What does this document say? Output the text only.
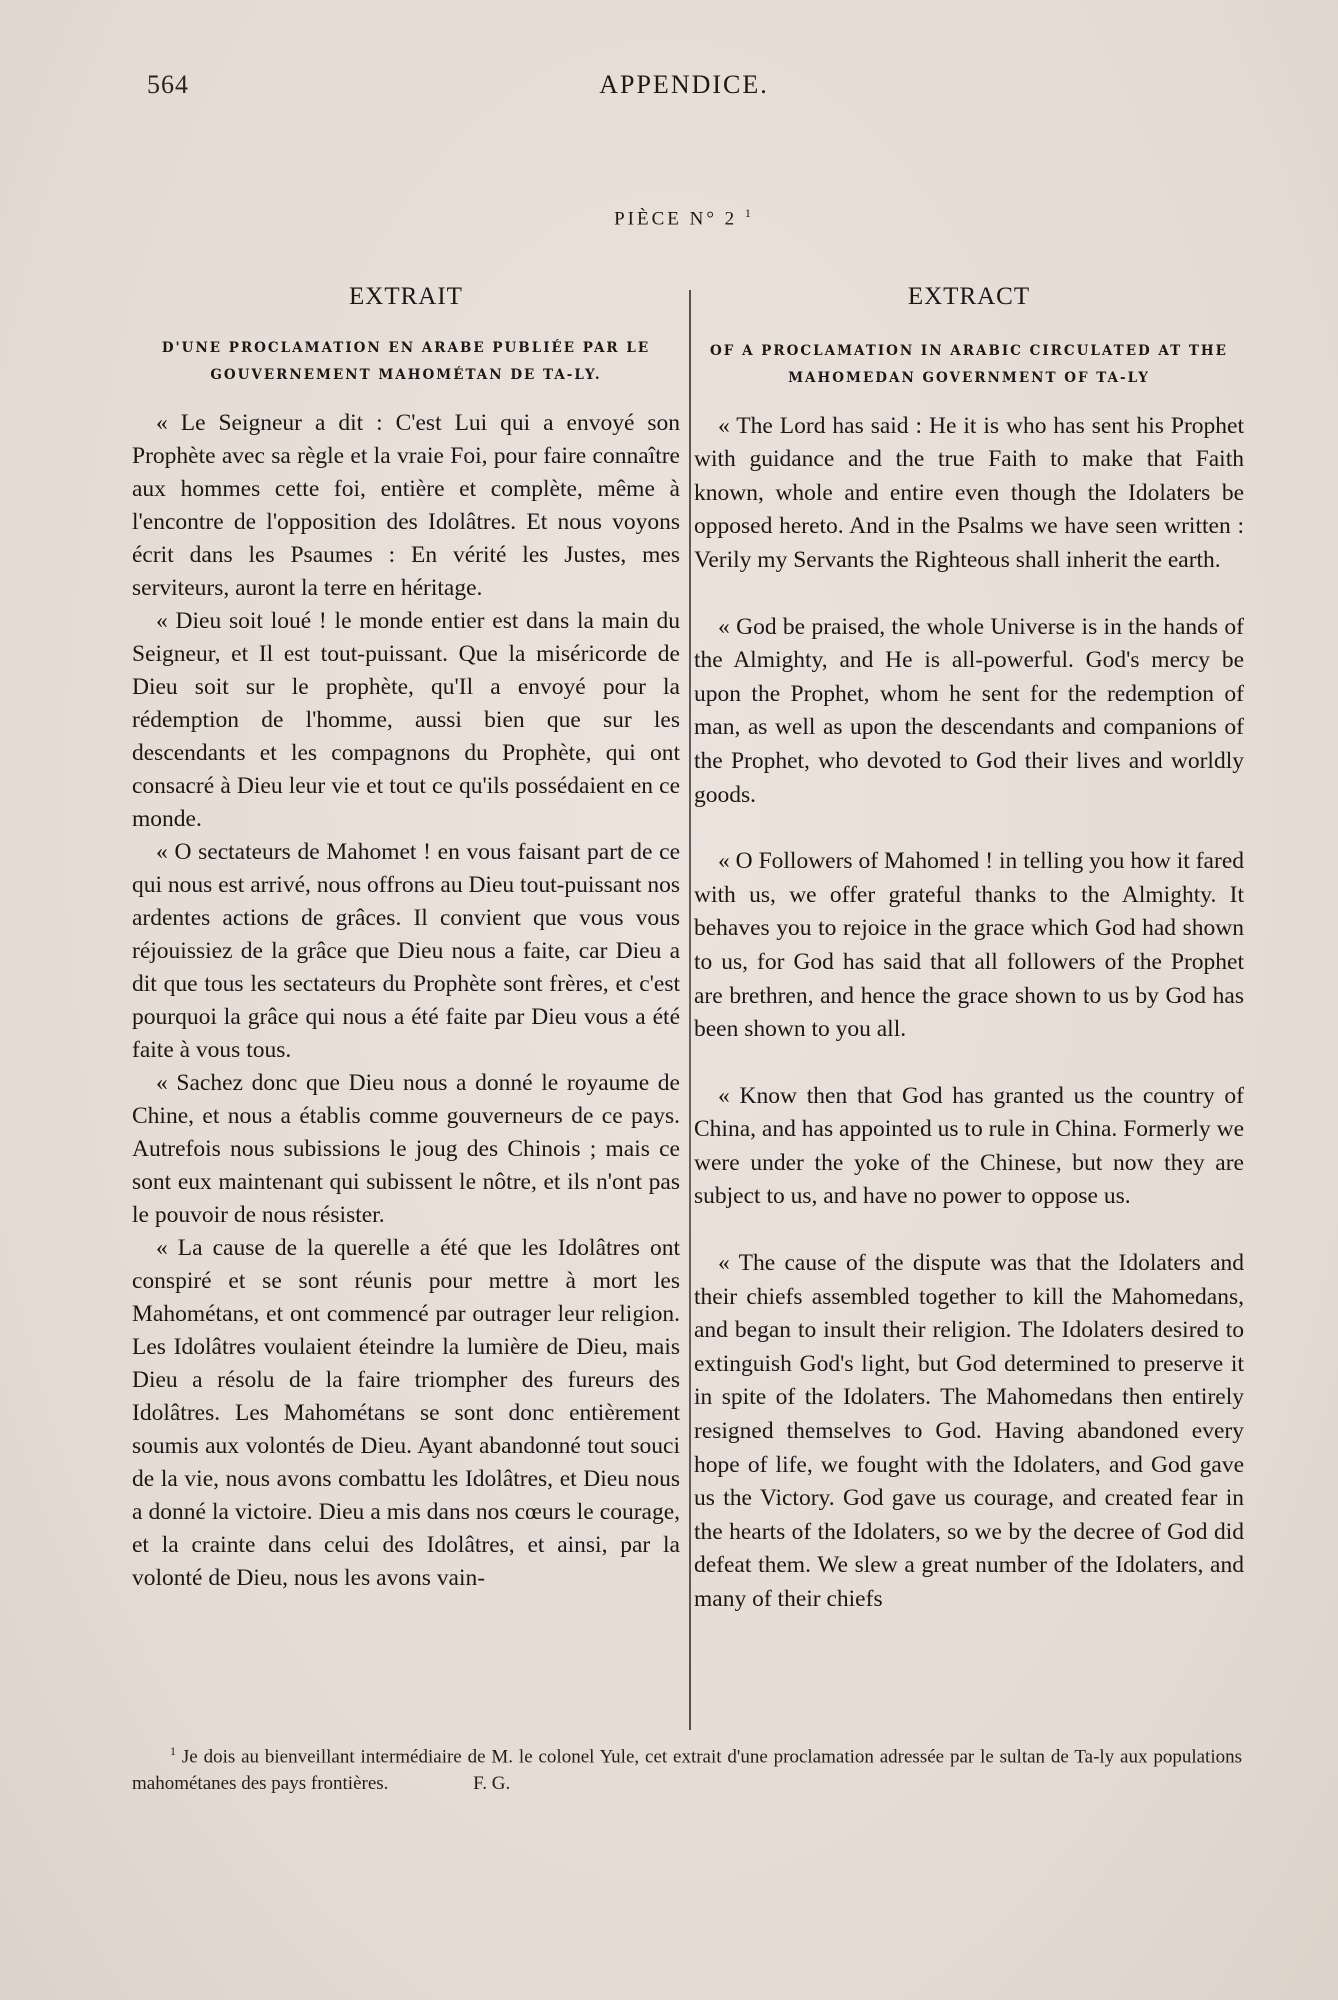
564	APPENDICE.
PIÈCE N° 2 $^1$
EXTRAIT
D'UNE PROCLAMATION EN ARABE PUBLIÉE PAR LE
GOUVERNEMENT MAHOMÉTAN DE TA-LY.

« Le Seigneur a dit : C'est Lui qui a envoyé son Prophète avec sa règle et la vraie Foi, pour faire connaître aux hommes cette foi, entière et complète, même à l'encontre de l'opposition des Idolâtres. Et nous voyons écrit dans les Psaumes : En vérité les Justes, mes serviteurs, auront la terre en héritage.

« Dieu soit loué ! le monde entier est dans la main du Seigneur, et Il est tout-puissant. Que la miséricorde de Dieu soit sur le prophète, qu'Il a envoyé pour la rédemption de l'homme, aussi bien que sur les descendants et les compagnons du Prophète, qui ont consacré à Dieu leur vie et tout ce qu'ils possédaient en ce monde.

« O sectateurs de Mahomet ! en vous faisant part de ce qui nous est arrivé, nous offrons au Dieu tout-puissant nos ardentes actions de grâces. Il convient que vous vous réjouissiez de la grâce que Dieu nous a faite, car Dieu a dit que tous les sectateurs du Prophète sont frères, et c'est pourquoi la grâce qui nous a été faite par Dieu vous a été faite à vous tous.

« Sachez donc que Dieu nous a donné le royaume de Chine, et nous a établis comme gouverneurs de ce pays. Autrefois nous subissions le joug des Chinois ; mais ce sont eux maintenant qui subissent le nôtre, et ils n'ont pas le pouvoir de nous résister.

« La cause de la querelle a été que les Idolâtres ont conspiré et se sont réunis pour mettre à mort les Mahométans, et ont commencé par outrager leur religion. Les Idolâtres voulaient éteindre la lumière de Dieu, mais Dieu a résolu de la faire triompher des fureurs des Idolâtres. Les Mahométans se sont donc entièrement soumis aux volontés de Dieu. Ayant abandonné tout souci de la vie, nous avons combattu les Idolâtres, et Dieu nous a donné la victoire. Dieu a mis dans nos cœurs le courage, et la crainte dans celui des Idolâtres, et ainsi, par la volonté de Dieu, nous les avons vain-

EXTRACT
OF A PROCLAMATION IN ARABIC CIRCULATED AT THE
MAHOMEDAN GOVERNMENT OF TA-LY

« The Lord has said : He it is who has sent his Prophet with guidance and the true Faith to make that Faith known, whole and entire even though the Idolaters be opposed hereto. And in the Psalms we have seen written : Verily my Servants the Righteous shall inherit the earth.

« God be praised, the whole Universe is in the hands of the Almighty, and He is all-powerful. God's mercy be upon the Prophet, whom he sent for the redemption of man, as well as upon the descendants and companions of the Prophet, who devoted to God their lives and worldly goods.

« O Followers of Mahomed ! in telling you how it fared with us, we offer grateful thanks to the Almighty. It behaves you to rejoice in the grace which God had shown to us, for God has said that all followers of the Prophet are brethren, and hence the grace shown to us by God has been shown to you all.

« Know then that God has granted us the country of China, and has appointed us to rule in China. Formerly we were under the yoke of the Chinese, but now they are subject to us, and have no power to oppose us.

« The cause of the dispute was that the Idolaters and their chiefs assembled together to kill the Mahomedans, and began to insult their religion. The Idolaters desired to extinguish God's light, but God determined to preserve it in spite of the Idolaters. The Mahomedans then entirely resigned themselves to God. Having abandoned every hope of life, we fought with the Idolaters, and God gave us the Victory. God gave us courage, and created fear in the hearts of the Idolaters, so we by the decree of God did defeat them. We slew a great number of the Idolaters, and many of their chiefs

$^1$ Je dois au bienveillant intermédiaire de M. le colonel Yule, cet extrait d'une proclamation adressée par le sultan de Ta-ly aux populations mahométanes des pays frontières.	F. G.
